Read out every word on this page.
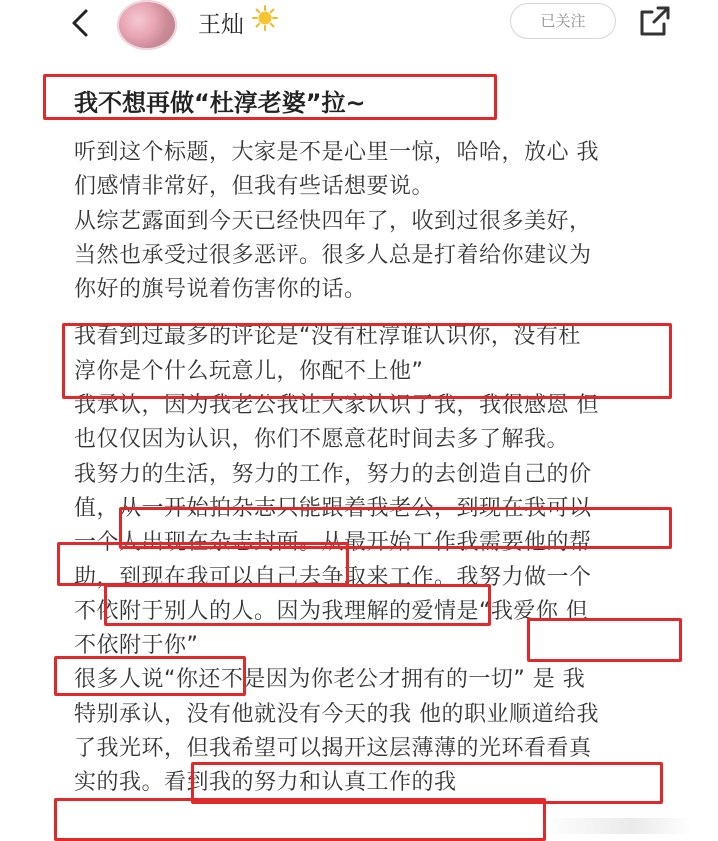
王灿	已关注
我不想再做“杜淳老婆”拉~
听到这个标题，大家是不是心里一惊，哈哈，放心 我
们感情非常好，但我有些话想要说。
从综艺露面到今天已经快四年了，收到过很多美好，
当然也承受过很多恶评。很多人总是打着给你建议为
你好的旗号说着伤害你的话。
我看到过最多的评论是“没有杜淳谁认识你，没有杜
淳你是个什么玩意儿，你配不上他”
我承认，因为我老公我让大家认识了我，我很感恩 但
也仅仅因为认识，你们不愿意花时间去多了解我。
我努力的生活，努力的工作，努力的去创造自己的价
值，从一开始拍杂志只能跟着我老公，到现在我可以
一个人出现在杂志封面。从最开始工作我需要他的帮
助，到现在我可以自己去争取来工作。我努力做一个
不依附于别人的人。因为我理解的爱情是“我爱你 但
不依附于你”
很多人说“你还不是因为你老公才拥有的一切” 是 我
特别承认，没有他就没有今天的我 他的职业顺道给我
了我光环，但我希望可以揭开这层薄薄的光环看看真
实的我。看到我的努力和认真工作的我
